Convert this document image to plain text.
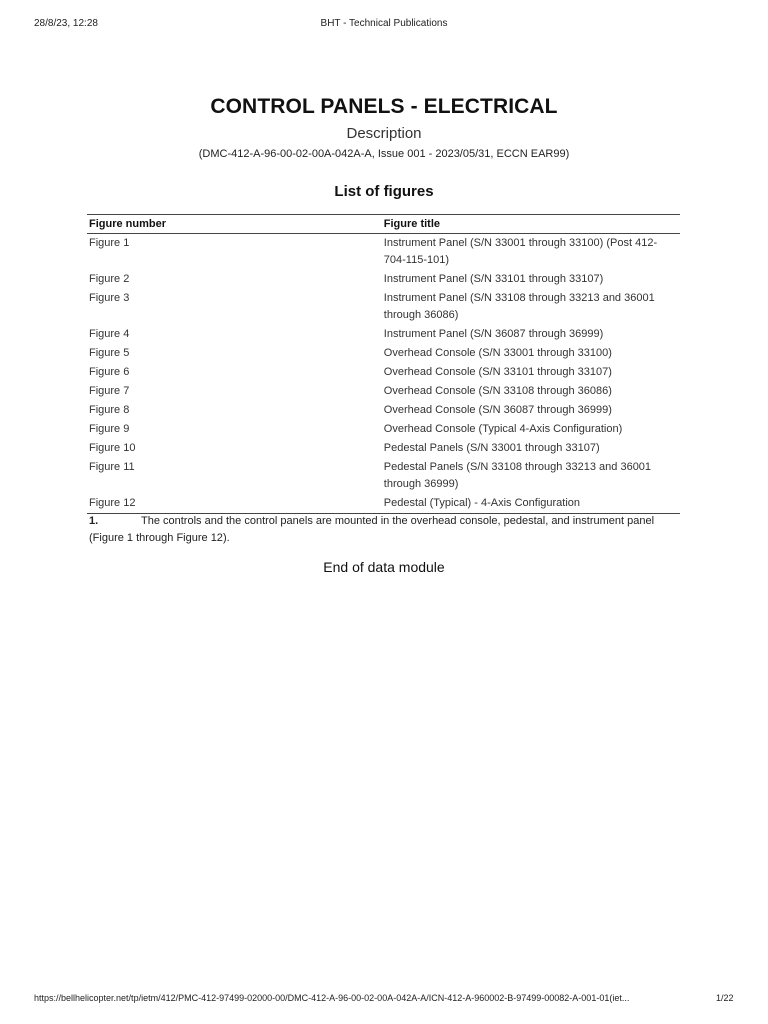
28/8/23, 12:28	BHT - Technical Publications
CONTROL PANELS - ELECTRICAL
Description
(DMC-412-A-96-00-02-00A-042A-A, Issue 001 - 2023/05/31, ECCN EAR99)
List of figures
Figure number	Figure title
Figure 1	Instrument Panel (S/N 33001 through 33100) (Post 412-704-115-101)
Figure 2	Instrument Panel (S/N 33101 through 33107)
Figure 3	Instrument Panel (S/N 33108 through 33213 and 36001 through 36086)
Figure 4	Instrument Panel (S/N 36087 through 36999)
Figure 5	Overhead Console (S/N 33001 through 33100)
Figure 6	Overhead Console (S/N 33101 through 33107)
Figure 7	Overhead Console (S/N 33108 through 36086)
Figure 8	Overhead Console (S/N 36087 through 36999)
Figure 9	Overhead Console (Typical 4-Axis Configuration)
Figure 10	Pedestal Panels (S/N 33001 through 33107)
Figure 11	Pedestal Panels (S/N 33108 through 33213 and 36001 through 36999)
Figure 12	Pedestal (Typical) - 4-Axis Configuration
1.	The controls and the control panels are mounted in the overhead console, pedestal, and instrument panel (Figure 1 through Figure 12).
End of data module
https://bellhelicopter.net/tp/ietm/412/PMC-412-97499-02000-00/DMC-412-A-96-00-02-00A-042A-A/ICN-412-A-960002-B-97499-00082-A-001-01(iet...	1/22
